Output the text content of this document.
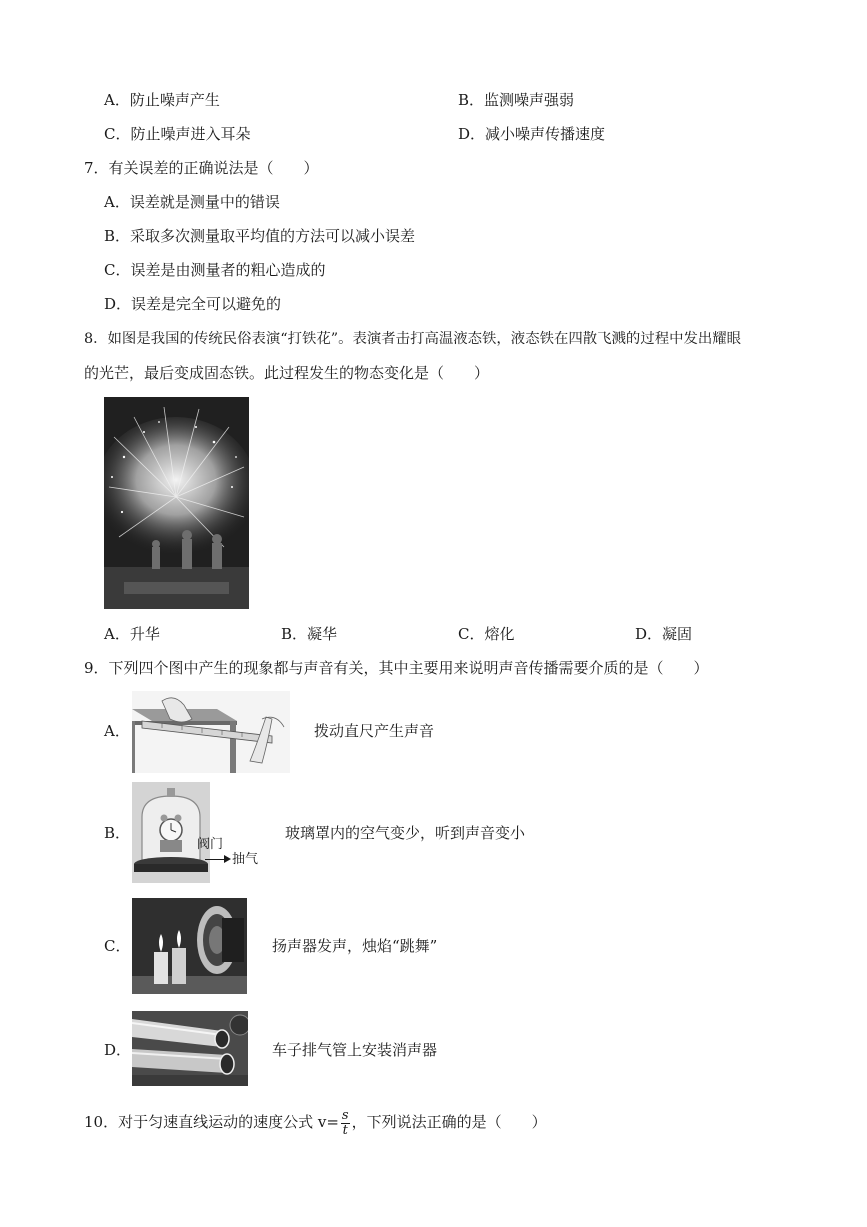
A．防止噪声产生	B．监测噪声强弱
C．防止噪声进入耳朵	D．减小噪声传播速度
7．有关误差的正确说法是（　　）
A．误差就是测量中的错误
B．采取多次测量取平均值的方法可以减小误差
C．误差是由测量者的粗心造成的
D．误差是完全可以避免的
8．如图是我国的传统民俗表演“打铁花”。表演者击打高温液态铁，液态铁在四散飞溅的过程中发出耀眼
的光芒，最后变成固态铁。此过程发生的物态变化是（　　）
A．升华	B．凝华	C．熔化	D．凝固
9．下列四个图中产生的现象都与声音有关，其中主要用来说明声音传播需要介质的是（　　）
A．	拨动直尺产生声音
B．
阀门
抽气
玻璃罩内的空气变少，听到声音变小
C．	扬声器发声，烛焰“跳舞”
D．	车子排气管上安装消声器
10．对于匀速直线运动的速度公式 $v= \frac{s}{t}$ ，下列说法正确的是（　　）
